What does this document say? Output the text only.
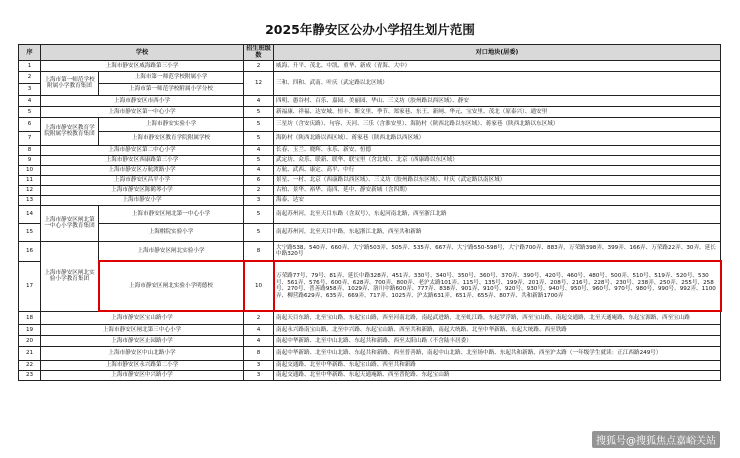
2025年静安区公办小学招生划片范围
序	学校		招生班级数	对口地块(居委)
1	上海市静安区威海路第三小学		2	威海、升平、茂北、中凯、重华、新成（青海、大中）
2	上海市第一师范学校附属小学教育集团	上海市第一师范学校附属小学	12	三和、四和、武南、叶庆（武定路以北区域）
3		上海市第一师范学校附属小学分校		
4	上海市静安区市西小学		4	四明、愚谷村、百乐、嘉园、美丽园、华山、三义坊（胶州路以西区域）、静安
5	上海市静安区第一中心小学		5	新福康、祥福、达安城、恒丰、斯文里、季节、郑家巷、东王、新闸、华元、宝安里、茂北（原泰兴）、通安里
6	上海市静安区教育学院附属学校教育集团	上海市静安实验小学	5	三星坊（含安庆路）、句容、天河、三乐（含淮安里）、海防村（陕西北路以东区域）、蒋家巷（陕西北路以东区域）
7		上海市静安区教育学院附属学校	5	海防村（陕西北路以西区域）、蒋家巷（陕西北路以西区域）
8	上海市静安区第二中心小学		4	长春、玉兰、晓辉、永乐、新安、恒德
9	上海市静安区西康路第三小学		5	武定坊、众乐、联新、联华、联宝里（含北域）、北京（西康路以东区域）
10	上海市静安区万航渡路小学		4	万航、武西、康定、高平、中行
11	上海市静安区昌平小学		6	景星、一村、北京（西康路以西区域）、三义坊（胶州路以东区域）、叶庆（武定路以南区域）
12	上海市静安区陈鹤琴小学		2	古柏、景华、裕华、南四、延中、静安新城（含四期）
13	上海市静安小学		3	海泰、达安
14	上海市静安区闸北第一中心小学教育集团	上海市静安区闸北第一中心小学	5	南起苏州河，北至天目东路（含双号），东起河南北路，西至浙江北路
15		上海棋院实验小学	5	南起苏州河，北至天目中路，东起浙江北路，西至共和新路
16	上海市静安区闸北实验小学教育集团	上海市静安区闸北实验小学	8	大宁路538、540弄、660弄、大宁路503弄、505弄、535弄、667弄、大宁路550-598号，大宁路700弄、883弄，万荣路398弄、399弄、166弄、万荣路22弄、30弄、延长中路320号
17		上海市静安区闸北实验小学明德校	10	万荣路77号、79号、81弄、延长中路328弄、451弄、330号、340号、350号、360号、370弄、390号、420号、460号、480号、500弄、510号、519弄、520号、530号、561弄、576号、600弄、628弄、700弄、800弄、老沪太路101弄、115号、135号、199弄、201弄、208号、216号、228号、230号、238弄、250弄、255号、258号、270号、普善路958弄、1029弄、洛川中路600弄、777弄、838弄、901弄、910号、920号、930号、940号、950号、960号、970号、980号、990号、992弄、1100弄、柳营路629弄、635弄、669弄、717弄、1025弄、沪太路631弄、651弄、655弄、807弄、共和新路1700弄
18	上海市静安区宝山路小学		2	南起天目东路，北至宝山路，东起宝山路，西至河南北路，南起武进路，北至虬江路，东起罗浮路，西至宝山路，南起交通路，北至天通庵路，东起宝源路，西至宝山路
19	上海市静安区闸北第三中心小学		4	南起永兴路南宝山路、北至中兴路、东起宝山路、西至共和新路，南起大统路、北至中华新路、东起大统路、西至铁路
20	上海市静安区止园路小学		4	南起中华新路、北至中山北路、东起共和新路、西至太阳山路（不含陆丰居委）
21	上海市静安区中山北路小学		8	南起中华新路、北至中山北路、东起共和新路、西至普善路，南起中山北路、北至场中路、东起共和新路、西至沪太路（一年级学生就读：正江西路249号）
22	上海市静安区永兴路第二小学		3	南起交通路、北至中华新路、东起宝山路、西至共和新路
23	上海市静安区中兴路小学		3	南起交通路、北至中华新路、东起天通庵路、西至普陀路、东起宝山路
搜狐号@搜狐焦点嘉峪关站
